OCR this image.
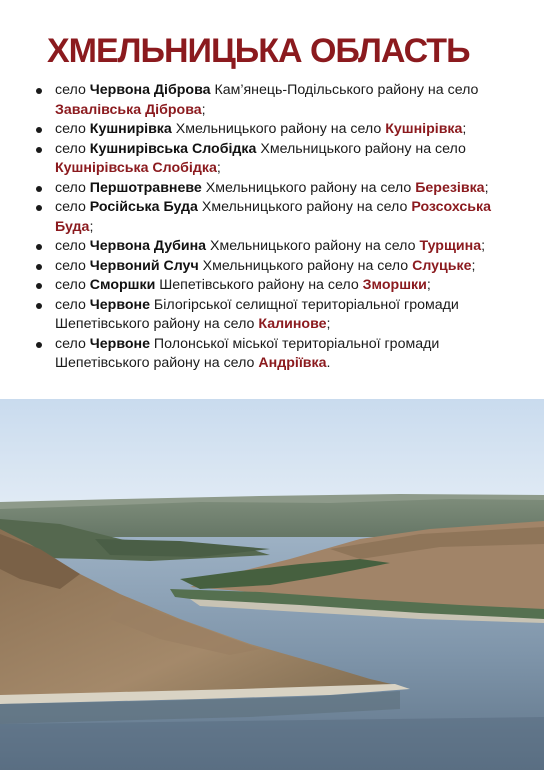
ХМЕЛЬНИЦЬКА ОБЛАСТЬ
село Червона Діброва Кам’янець-Подільського району на село Завалівська Діброва;
село Кушнирівка Хмельницького району на село Кушнірівка;
село Кушнирівська Слобідка Хмельницького району на село Кушнірівська Слобідка;
село Першотравневе Хмельницького району на село Березівка;
село Російська Буда Хмельницького району на село Розсохська Буда;
село Червона Дубина Хмельницького району на село Турщина;
село Червоний Случ Хмельницького району на село Слуцьке;
село Сморшки Шепетівського району на село Зморшки;
село Червоне Білогірської селищної територіальної громади Шепетівського району на село Калинове;
село Червоне Полонської міської територіальної громади Шепетівського району на село Андріївка.
